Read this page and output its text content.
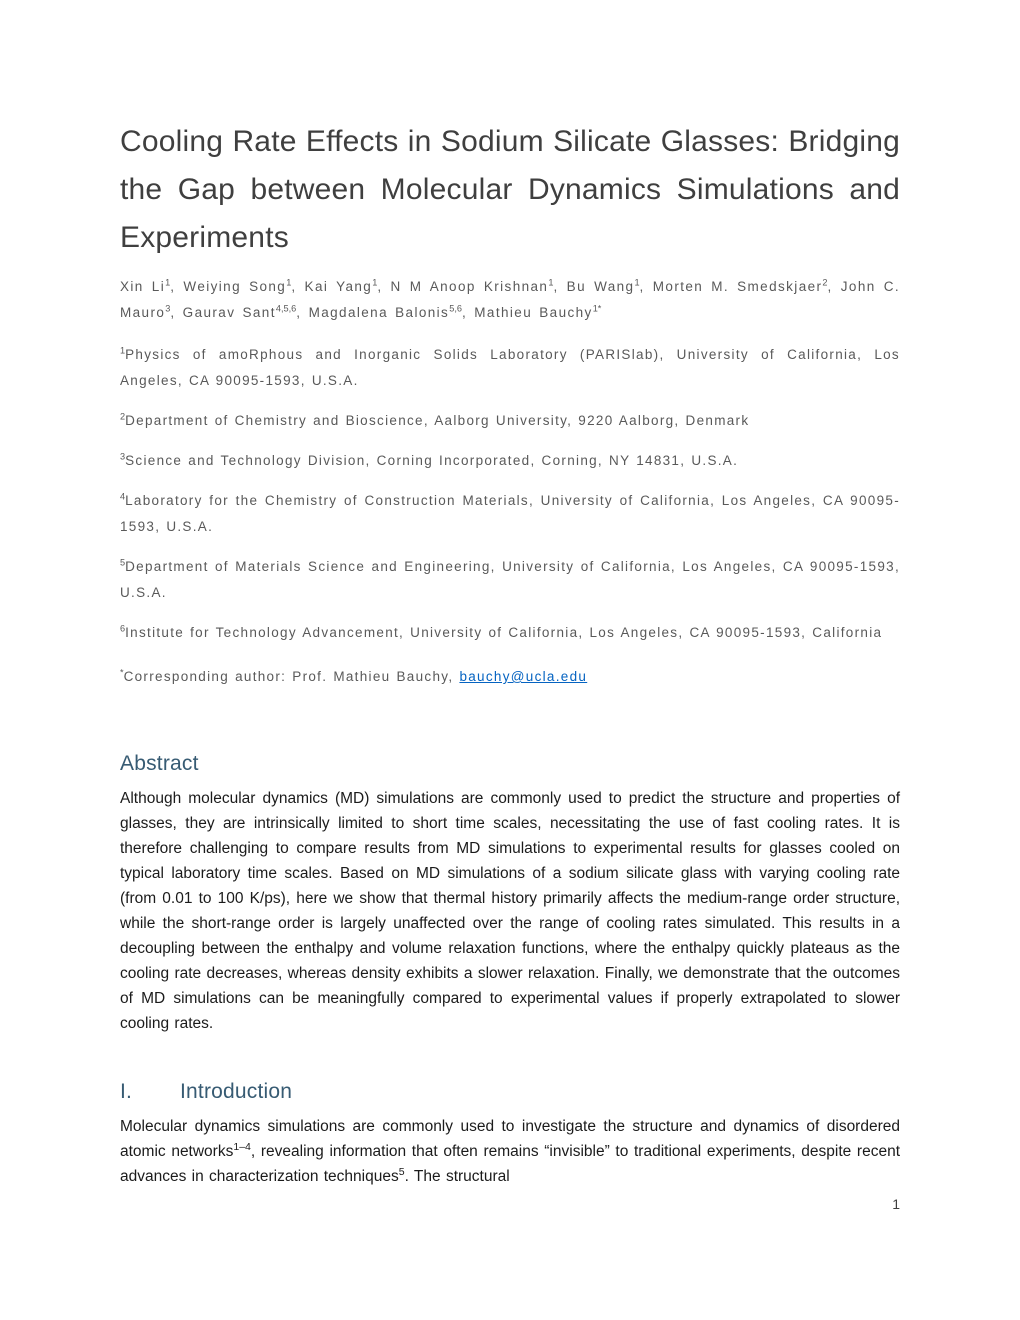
Cooling Rate Effects in Sodium Silicate Glasses: Bridging the Gap between Molecular Dynamics Simulations and Experiments

Xin Li$^1$, Weiying Song$^1$, Kai Yang$^1$, N M Anoop Krishnan$^1$, Bu Wang$^1$, Morten M. Smedskjaer$^2$, John C. Mauro$^3$, Gaurav Sant$^{4,5,6}$, Magdalena Balonis$^{5,6}$, Mathieu Bauchy$^{1*}$

$^1$Physics of amoRphous and Inorganic Solids Laboratory (PARISlab), University of California, Los Angeles, CA 90095-1593, U.S.A.

$^2$Department of Chemistry and Bioscience, Aalborg University, 9220 Aalborg, Denmark

$^3$Science and Technology Division, Corning Incorporated, Corning, NY 14831, U.S.A.

$^4$Laboratory for the Chemistry of Construction Materials, University of California, Los Angeles, CA 90095-1593, U.S.A.

$^5$Department of Materials Science and Engineering, University of California, Los Angeles, CA 90095-1593, U.S.A.

$^6$Institute for Technology Advancement, University of California, Los Angeles, CA 90095-1593, California

*Corresponding author: Prof. Mathieu Bauchy, bauchy@ucla.edu

Abstract

Although molecular dynamics (MD) simulations are commonly used to predict the structure and properties of glasses, they are intrinsically limited to short time scales, necessitating the use of fast cooling rates. It is therefore challenging to compare results from MD simulations to experimental results for glasses cooled on typical laboratory time scales. Based on MD simulations of a sodium silicate glass with varying cooling rate (from 0.01 to 100 K/ps), here we show that thermal history primarily affects the medium-range order structure, while the short-range order is largely unaffected over the range of cooling rates simulated. This results in a decoupling between the enthalpy and volume relaxation functions, where the enthalpy quickly plateaus as the cooling rate decreases, whereas density exhibits a slower relaxation. Finally, we demonstrate that the outcomes of MD simulations can be meaningfully compared to experimental values if properly extrapolated to slower cooling rates.

I. Introduction

Molecular dynamics simulations are commonly used to investigate the structure and dynamics of disordered atomic networks$^{1-4}$, revealing information that often remains “invisible” to traditional experiments, despite recent advances in characterization techniques$^5$. The structural

1
